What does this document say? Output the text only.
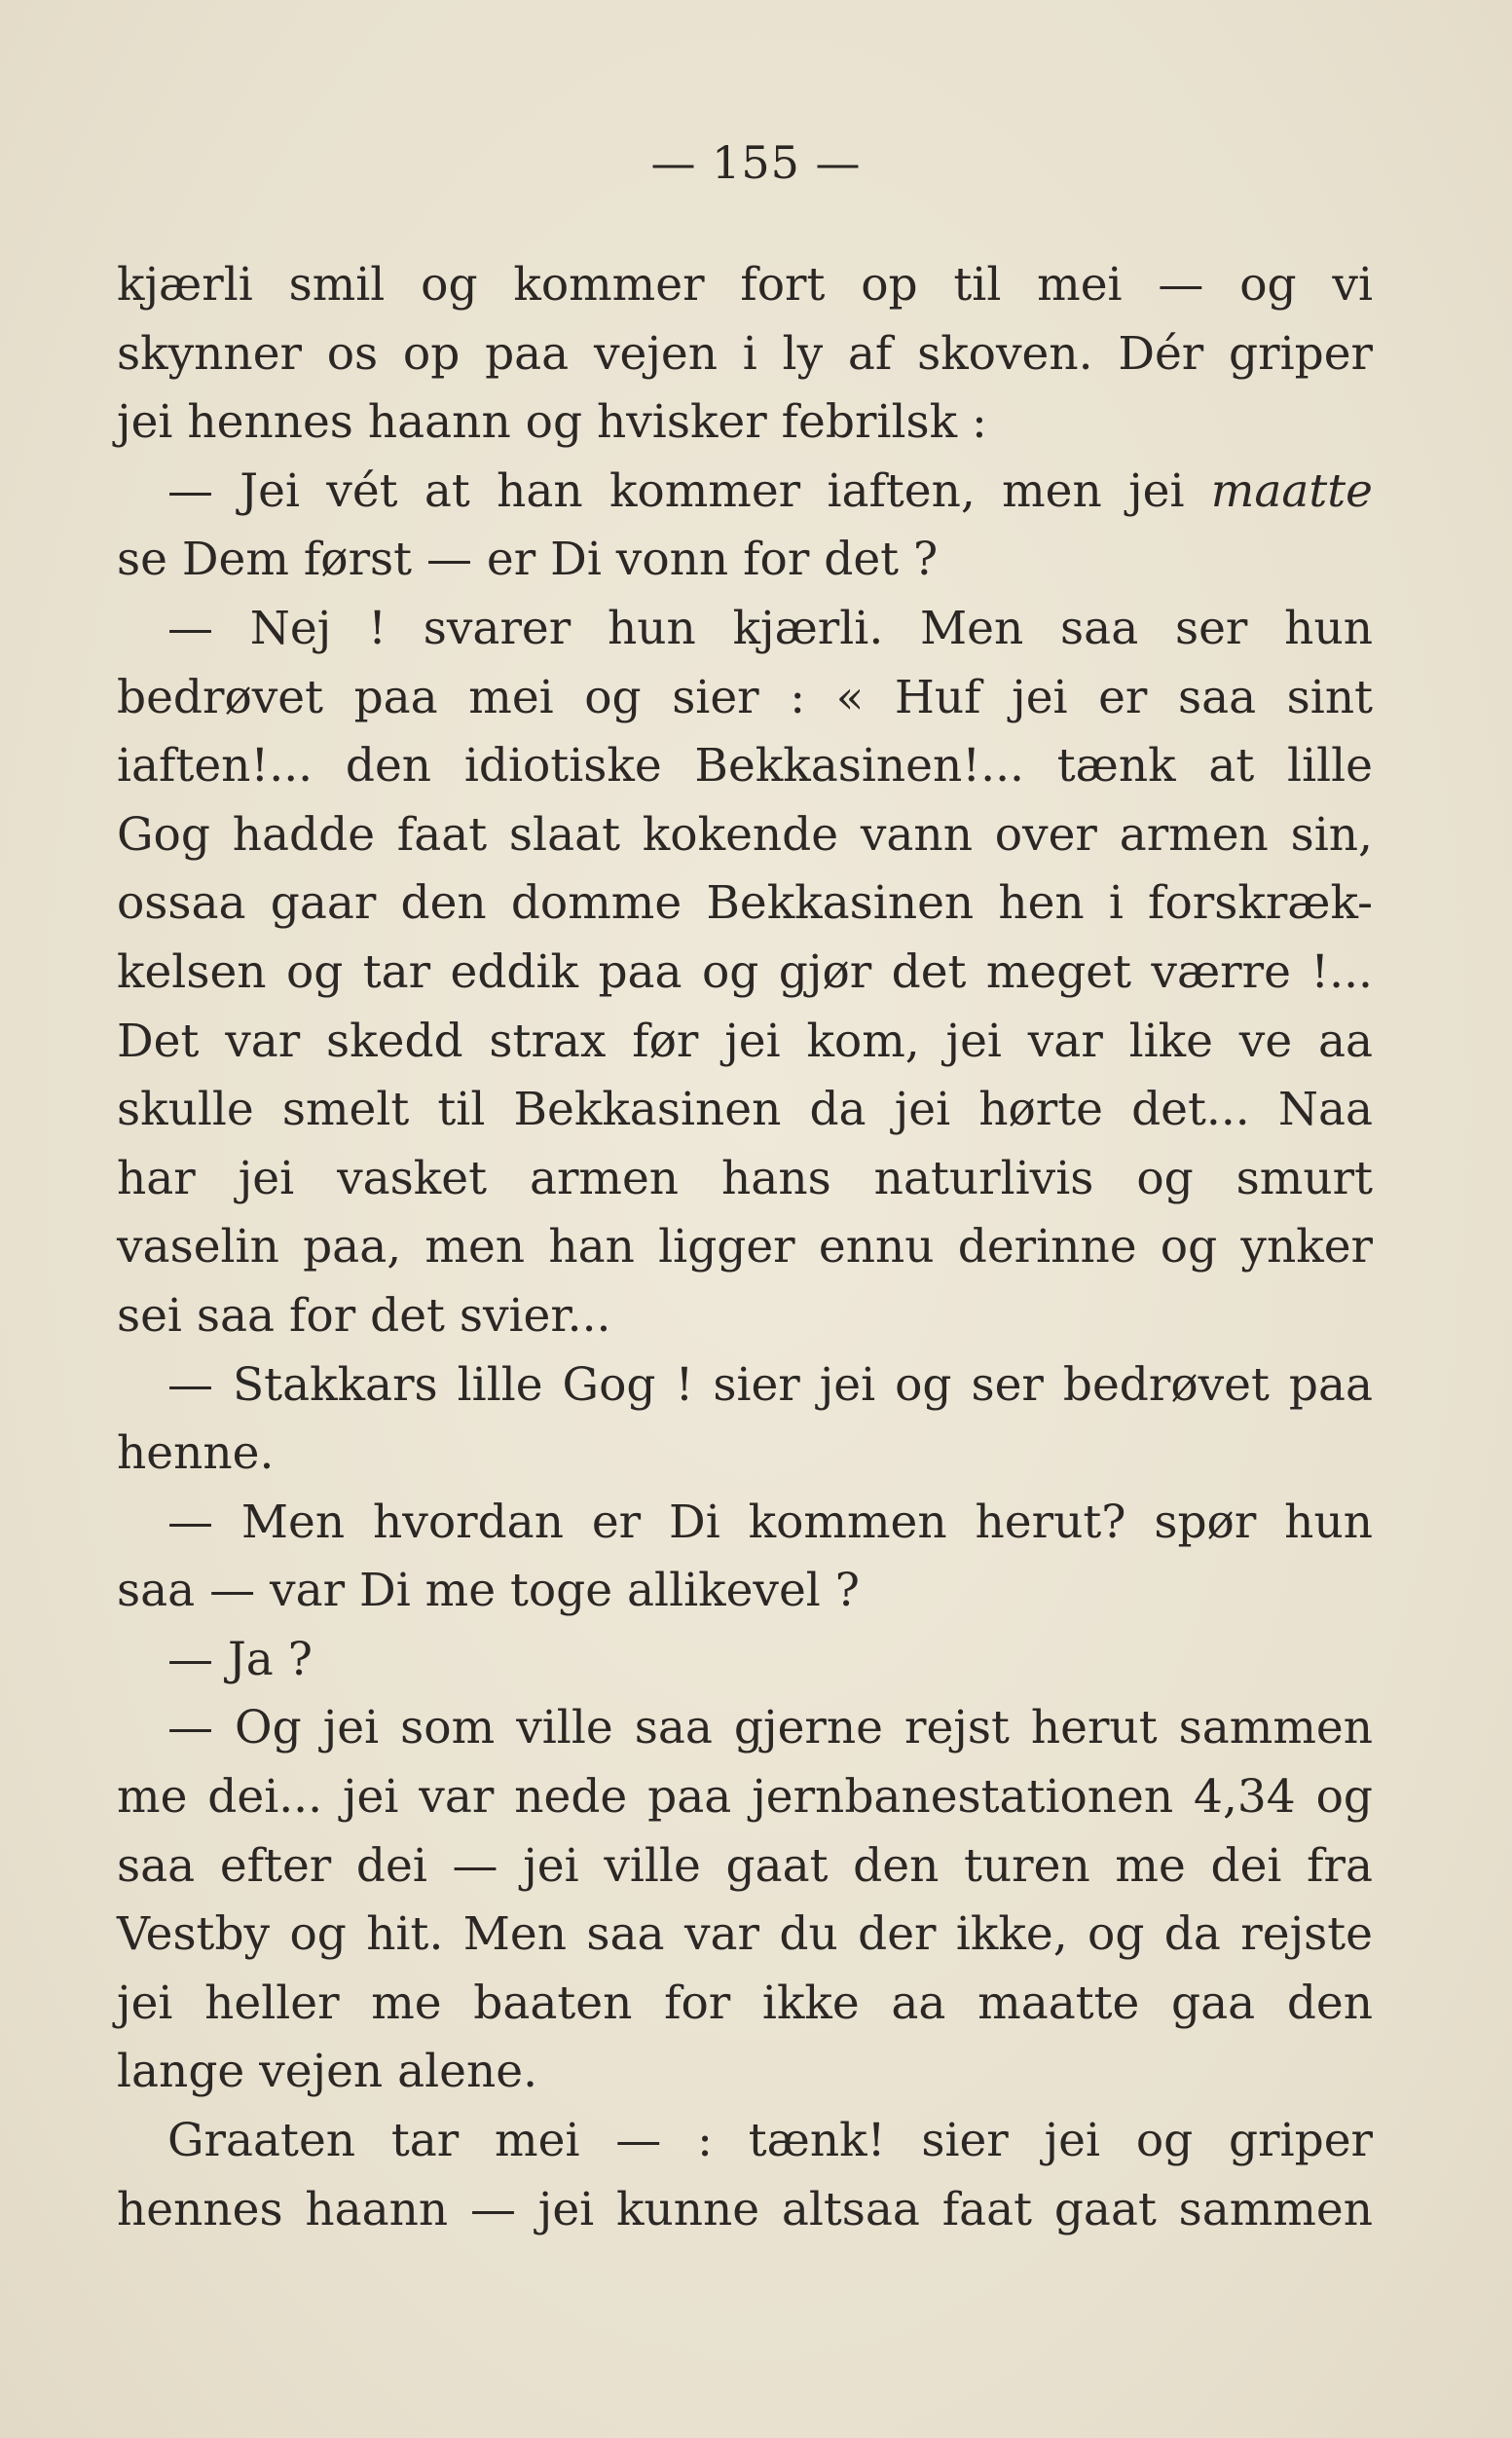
— 155 —
kjærli smil og kommer fort op til mei — og vi
skynner os op paa vejen i ly af skoven. Dér griper
jei hennes haann og hvisker febrilsk :
— Jei vét at han kommer iaften, men jei maatte
se Dem først — er Di vonn for det ?
— Nej ! svarer hun kjærli. Men saa ser hun
bedrøvet paa mei og sier : « Huf jei er saa sint
iaften!... den idiotiske Bekkasinen!... tænk at lille
Gog hadde faat slaat kokende vann over armen sin,
ossaa gaar den domme Bekkasinen hen i forskræk-
kelsen og tar eddik paa og gjør det meget værre !...
Det var skedd strax før jei kom, jei var like ve aa
skulle smelt til Bekkasinen da jei hørte det... Naa
har jei vasket armen hans naturlivis og smurt
vaselin paa, men han ligger ennu derinne og ynker
sei saa for det svier...
— Stakkars lille Gog ! sier jei og ser bedrøvet paa
henne.
— Men hvordan er Di kommen herut? spør hun
saa — var Di me toge allikevel ?
— Ja ?
— Og jei som ville saa gjerne rejst herut sammen
me dei... jei var nede paa jernbanestationen 4,34 og
saa efter dei — jei ville gaat den turen me dei fra
Vestby og hit. Men saa var du der ikke, og da rejste
jei heller me baaten for ikke aa maatte gaa den
lange vejen alene.
Graaten tar mei — : tænk! sier jei og griper
hennes haann — jei kunne altsaa faat gaat sammen
